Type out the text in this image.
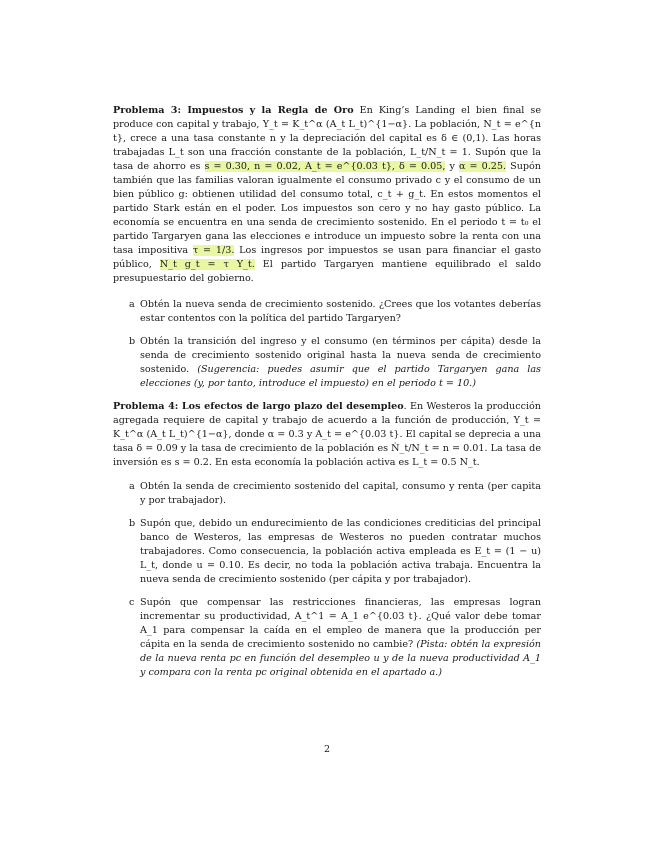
Problema 3: Impuestos y la Regla de Oro En King’s Landing el bien final se produce con capital y trabajo, Y_t = K_t^α (A_t L_t)^{1−α}. La población, N_t = e^{n t}, crece a una tasa constante n y la depreciación del capital es δ ∈ (0,1). Las horas trabajadas L_t son una fracción constante de la población, L_t/N_t = 1. Supón que la tasa de ahorro es s = 0.30, n = 0.02, A_t = e^{0.03 t}, δ = 0.05, y α = 0.25. Supón también que las familias valoran igualmente el consumo privado c y el consumo de un bien público g: obtienen utilidad del consumo total, c_t + g_t. En estos momentos el partido Stark están en el poder. Los impuestos son cero y no hay gasto público. La economía se encuentra en una senda de crecimiento sostenido. En el periodo t = t₀ el partido Targaryen gana las elecciones e introduce un impuesto sobre la renta con una tasa impositiva τ = 1/3. Los ingresos por impuestos se usan para financiar el gasto público, N_t g_t = τ Y_t. El partido Targaryen mantiene equilibrado el saldo presupuestario del gobierno.

a Obtén la nueva senda de crecimiento sostenido. ¿Crees que los votantes deberías estar contentos con la política del partido Targaryen?
b Obtén la transición del ingreso y el consumo (en términos per cápita) desde la senda de crecimiento sostenido original hasta la nueva senda de crecimiento sostenido. (Sugerencia: puedes asumir que el partido Targaryen gana las elecciones (y, por tanto, introduce el impuesto) en el periodo t = 10.)

Problema 4: Los efectos de largo plazo del desempleo. En Westeros la producción agregada requiere de capital y trabajo de acuerdo a la función de producción, Y_t = K_t^α (A_t L_t)^{1−α}, donde α = 0.3 y A_t = e^{0.03 t}. El capital se deprecia a una tasa δ = 0.09 y la tasa de crecimiento de la población es Ṅ_t/N_t = n = 0.01. La tasa de inversión es s = 0.2. En esta economía la población activa es L_t = 0.5 N_t.

a Obtén la senda de crecimiento sostenido del capital, consumo y renta (per capita y por trabajador).
b Supón que, debido un endurecimiento de las condiciones crediticias del principal banco de Westeros, las empresas de Westeros no pueden contratar muchos trabajadores. Como consecuencia, la población activa empleada es E_t = (1 − u) L_t, donde u = 0.10. Es decir, no toda la población activa trabaja. Encuentra la nueva senda de crecimiento sostenido (per cápita y por trabajador).
c Supón que compensar las restricciones financieras, las empresas logran incrementar su productividad, A_t^1 = A_1 e^{0.03 t}. ¿Qué valor debe tomar A_1 para compensar la caída en el empleo de manera que la producción per cápita en la senda de crecimiento sostenido no cambie? (Pista: obtén la expresión de la nueva renta pc en función del desempleo u y de la nueva productividad A_1 y compara con la renta pc original obtenida en el apartado a.)
2
